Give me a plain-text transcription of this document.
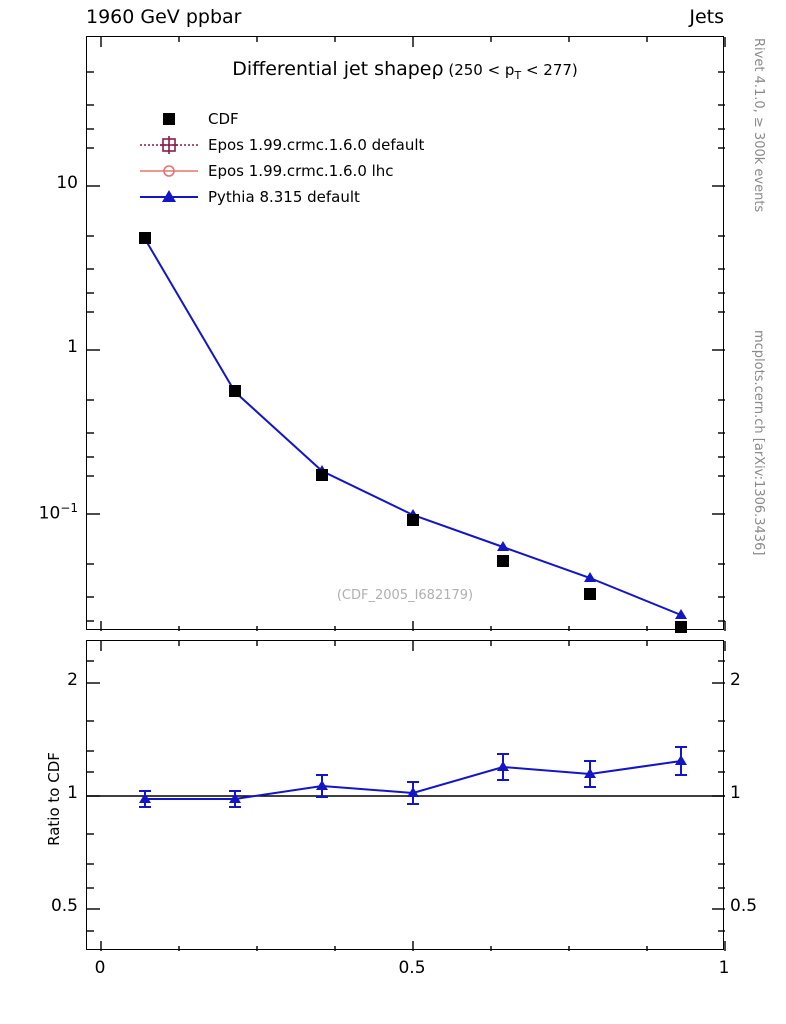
1960 GeV ppbar	Jets
Rivet 4.1.0, ≥ 300k events
mcplots.cern.ch [arXiv:1306.3436]
Differential jet shapeρ $(250 < p_T < 277)$
(CDF_2005_I682179)
CDF
Epos 1.99.crmc.1.6.0 default
Epos 1.99.crmc.1.6.0 lhc
Pythia 8.315 default
10
1
$10^{-1}$
2
1
0.5
2
1
0.5
Ratio to CDF
0	0.5	1
